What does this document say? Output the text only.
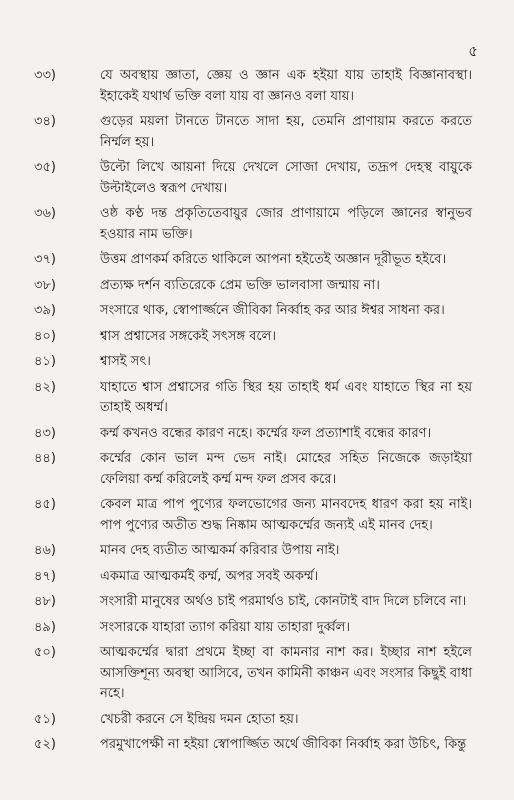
৫
৩৩)	যে অবস্থায় জ্ঞাতা, জ্ঞেয় ও জ্ঞান এক হইয়া যায় তাহাই বিজ্ঞানাবস্থা। ইহাকেই যথার্থ ভক্তি বলা যায় বা জ্ঞানও বলা যায়।
৩৪)	গুড়ের ময়লা টানতে টানতে সাদা হয়, তেমনি প্রাণায়াম করতে করতে নির্ম্মল হয়।
৩৫)	উল্টো লিখে আয়না দিয়ে দেখলে সোজা দেখায়, তদ্রূপ দেহস্থ বায়ুকে উল্টাইলেও স্বরূপ দেখায়।
৩৬)	ওষ্ঠ কণ্ঠ দন্ত প্রকৃতিতেবায়ুর জোর প্রাণায়ামে পড়িলে জ্ঞানের স্বানুভব হওয়ার নাম ভক্তি।
৩৭)	উত্তম প্রাণকর্ম করিতে থাকিলে আপনা হইতেই অজ্ঞান দূরীভূত হইবে।
৩৮)	প্রত্যক্ষ দর্শন ব্যতিরেকে প্রেম ভক্তি ভালবাসা জন্মায় না।
৩৯)	সংসারে থাক, স্বোপার্জ্জনে জীবিকা নির্ব্বাহ কর আর ঈশ্বর সাধনা কর।
৪০)	শ্বাস প্রশ্বাসের সঙ্গকেই সৎসঙ্গ বলে।
৪১)	শ্বাসই সৎ।
৪২)	যাহাতে শ্বাস প্রশ্বাসের গতি স্থির হয় তাহাই ধর্ম এবং যাহাতে স্থির না হয় তাহাই অধর্ম্ম।
৪৩)	কর্ম্ম কখনও বন্ধের কারণ নহে। কর্ম্মের ফল প্রত্যাশাই বন্ধের কারণ।
৪৪)	কর্ম্মের কোন ভাল মন্দ ভেদ নাই। মোহের সহিত নিজেকে জড়াইয়া ফেলিয়া কর্ম্ম করিলেই কর্ম্ম মন্দ ফল প্রসব করে।
৪৫)	কেবল মাত্র পাপ পুণ্যের ফলভোগের জন্য মানবদেহ ধারণ করা হয় নাই। পাপ পুণ্যের অতীত শুদ্ধ নিষ্কাম আত্মকর্ম্মের জন্যই এই মানব দেহ।
৪৬)	মানব দেহ ব্যতীত আত্মকর্ম করিবার উপায় নাই।
৪৭)	একমাত্র আত্মকর্মই কর্ম্ম, অপর সবই অকর্ম্ম।
৪৮)	সংসারী মানুষের অর্থও চাই পরমার্থও চাই, কোনটাই বাদ দিলে চলিবে না।
৪৯)	সংসারকে যাহারা ত্যাগ করিয়া যায় তাহারা দুর্ব্বল।
৫০)	আত্মকর্ম্মের দ্বারা প্রথমে ইচ্ছা বা কামনার নাশ কর। ইচ্ছার নাশ হইলে আসক্তিশূন্য অবস্থা আসিবে, তখন কামিনী কাঞ্চন এবং সংসার কিছুই বাধা নহে।
৫১)	খেচরী করনে সে ইন্দ্রিয় দমন হোতা হয়।
৫২)	পরমুখাপেক্ষী না হইয়া স্বোপার্জ্জিত অর্থে জীবিকা নির্ব্বাহ করা উচিৎ, কিন্তু
